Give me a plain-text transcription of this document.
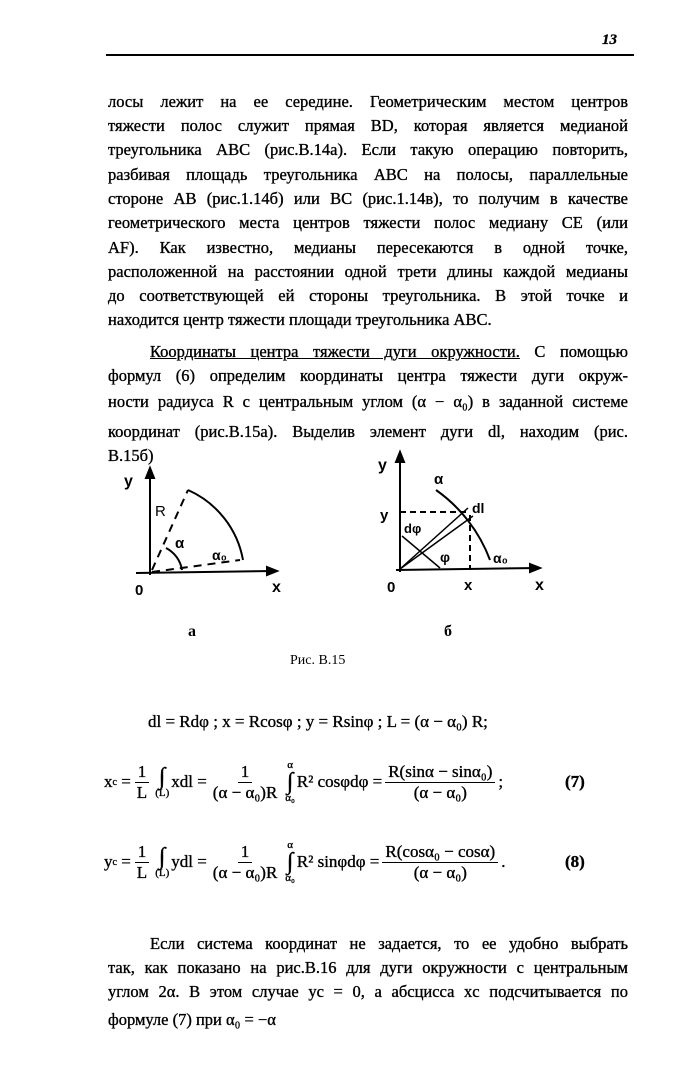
13
лосы лежит на ее середине. Геометрическим местом центров
тяжести полос служит прямая BD, которая является медианой
треугольника ABC (рис.В.14а). Если такую операцию повторить,
разбивая площадь треугольника ABC на полосы, параллельные
стороне AB (рис.1.14б) или BC (рис.1.14в), то получим в качестве
геометрического места центров тяжести полос медиану CE (или
AF). Как известно, медианы пересекаются в одной точке,
расположенной на расстоянии одной трети длины каждой медианы
до соответствующей ей стороны треугольника. В этой точке и
находится центр тяжести площади треугольника ABC.
Координаты центра тяжести дуги окружности. С помощью
формул (6) определим координаты центра тяжести дуги окруж-
ности радиуса R с центральным углом (α − α₀) в заданной системе
координат (рис.В.15а). Выделив элемент дуги dl, находим (рис.
В.15б)
y
x
0
R
α
α₀
y
x
0
y
x
α
α₀
dl
dφ
φ
а	б
Рис. В.15
dl = Rdφ ; x = Rcosφ ; y = Rsinφ ; L = (α − α₀) R;
x $c = \frac{1}{L}$ ∫
(L)
xdl = $\frac{1}{\text{(α − α₀)R}}$ α
∫
α₀
R² $\cos\varphi d\varphi = \frac{\text{R(sinα − sinα₀)}}{\text{(α − α₀)}}$ ;	(7)
y $c = \frac{1}{L}$ ∫
(L)
ydl = $\frac{1}{\text{(α − α₀)R}}$ α
∫
α₀
R² $\sin\varphi d\varphi = \frac{\text{R(cosα₀ − cosα)}}{\text{(α − α₀)}}$ .	(8)
Если система координат не задается, то ее удобно выбрать
так, как показано на рис.В.16 для дуги окружности с центральным
углом 2α. В этом случае yc = 0, а абсцисса xc подсчитывается по
формуле (7) при α₀ = −α
